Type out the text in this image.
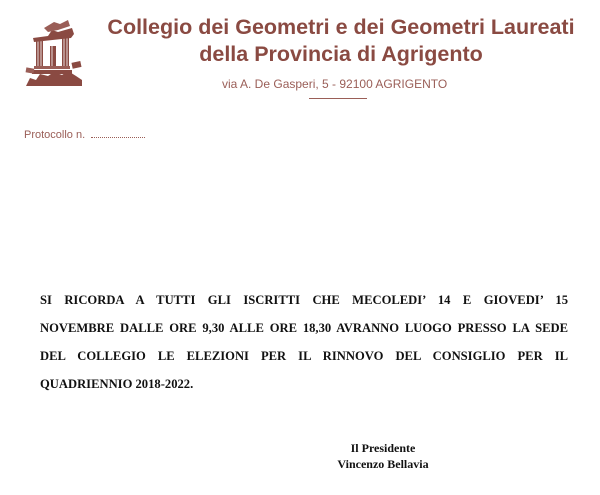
Collegio dei Geometri e dei Geometri Laureati
della Provincia di Agrigento
via A. De Gasperi, 5 - 92100 AGRIGENTO
Protocollo n.
SI RICORDA A TUTTI GLI ISCRITTI CHE MECOLEDI’ 14 E GIOVEDI’ 15
NOVEMBRE DALLE ORE 9,30 ALLE ORE 18,30 AVRANNO LUOGO PRESSO LA SEDE
DEL COLLEGIO LE ELEZIONI PER IL RINNOVO DEL CONSIGLIO PER IL
QUADRIENNIO 2018-2022.
Il Presidente
Vincenzo Bellavia
